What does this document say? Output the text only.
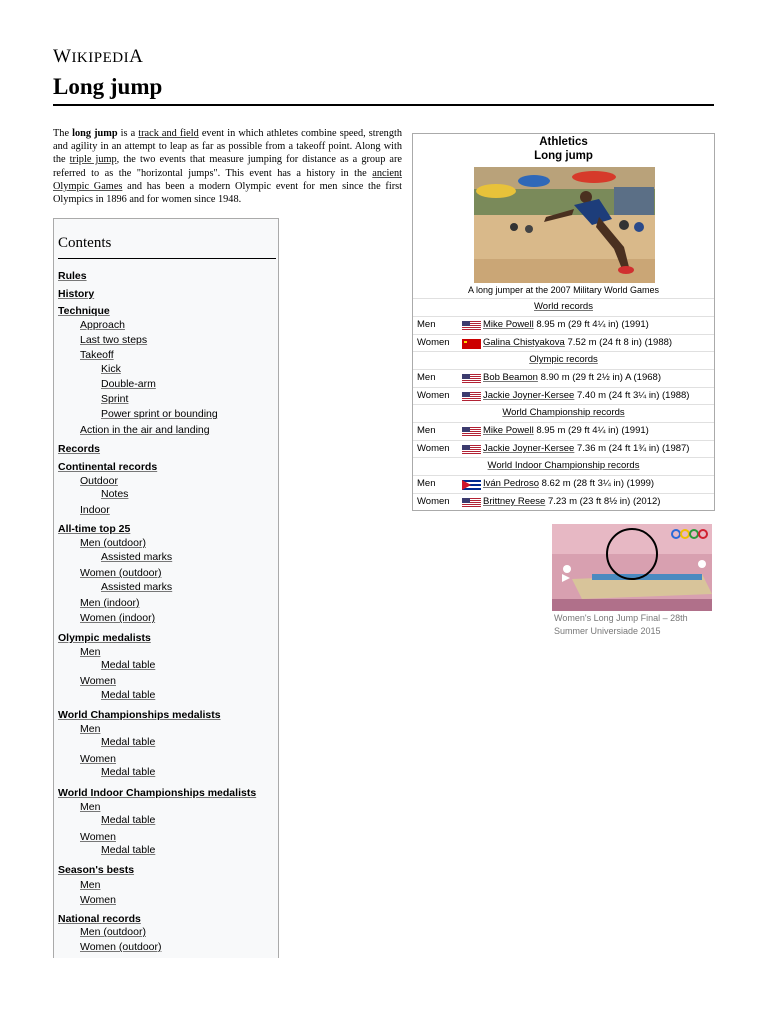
WIKIPEDIA
Long jump
The long jump is a track and field event in which athletes combine speed, strength and agility in an attempt to leap as far as possible from a takeoff point. Along with the triple jump, the two events that measure jumping for distance as a group are referred to as the "horizontal jumps". This event has a history in the ancient Olympic Games and has been a modern Olympic event for men since the first Olympics in 1896 and for women since 1948.
Contents
Rules
History
Technique
Approach
Last two steps
Takeoff
Kick
Double-arm
Sprint
Power sprint or bounding
Action in the air and landing
Records
Continental records
Outdoor
Notes
Indoor
All-time top 25
Men (outdoor)
Assisted marks
Women (outdoor)
Assisted marks
Men (indoor)
Women (indoor)
Olympic medalists
Men
Medal table
Women
Medal table
World Championships medalists
Men
Medal table
Women
Medal table
World Indoor Championships medalists
Men
Medal table
Women
Medal table
Season's bests
Men
Women
National records
Men (outdoor)
Women (outdoor)
Athletics
Long jump
A long jumper at the 2007 Military World Games
World records
Men	Mike Powell 8.95 m (29 ft 4¼ in) (1991)
Women	Galina Chistyakova 7.52 m (24 ft 8 in) (1988)
Olympic records
Men	Bob Beamon 8.90 m (29 ft 2½ in) A (1968)
Women	Jackie Joyner-Kersee 7.40 m (24 ft 3¼ in) (1988)
World Championship records
Men	Mike Powell 8.95 m (29 ft 4¼ in) (1991)
Women	Jackie Joyner-Kersee 7.36 m (24 ft 1¾ in) (1987)
World Indoor Championship records
Men	Iván Pedroso 8.62 m (28 ft 3¼ in) (1999)
Women	Brittney Reese 7.23 m (23 ft 8½ in) (2012)
Women's Long Jump Final – 28th Summer Universiade 2015
